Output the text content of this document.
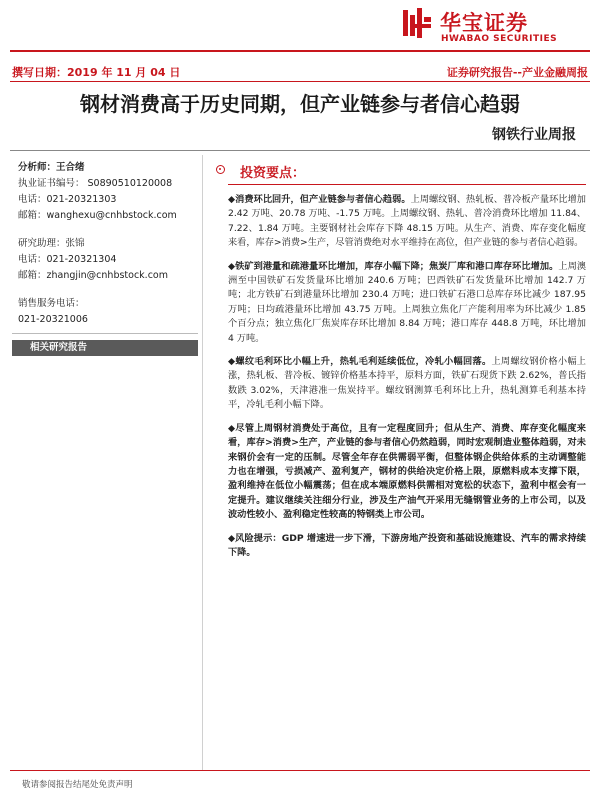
华宝证券
HWABAO SECURITIES
撰写日期：2019 年 11 月 04 日	证券研究报告--产业金融周报
钢材消费高于历史同期，但产业链参与者信心趋弱
钢铁行业周报
分析师：王合绪
执业证书编号： S0890510120008
电话：021-20321303
邮箱：wanghexu@cnhbstock.com
研究助理：张锦
电话：021-20321304
邮箱：zhangjin@cnhbstock.com
销售服务电话：
021-20321006
相关研究报告
投资要点：

◆消费环比回升，但产业链参与者信心趋弱。上周螺纹钢、热轧板、普冷板产量环比增加 2.42 万吨、20.78 万吨、-1.75 万吨。上周螺纹钢、热轧、普冷消费环比增加 11.84、7.22、1.84 万吨。主要钢材社会库存下降 48.15 万吨。从生产、消费、库存变化幅度来看，库存>消费>生产，尽管消费绝对水平维持在高位，但产业链的参与者信心趋弱。

◆铁矿到港量和疏港量环比增加，库存小幅下降；焦炭厂库和港口库存环比增加。上周澳洲至中国铁矿石发货量环比增加 240.6 万吨；巴西铁矿石发货量环比增加 142.7 万吨；北方铁矿石到港量环比增加 230.4 万吨；进口铁矿石港口总库存环比减少 187.95 万吨；日均疏港量环比增加 43.75 万吨。上周独立焦化厂产能利用率为环比减少 1.85 个百分点；独立焦化厂焦炭库存环比增加 8.84 万吨；港口库存 448.8 万吨，环比增加 4 万吨。

◆螺纹毛利环比小幅上升，热轧毛利延续低位，冷轧小幅回落。上周螺纹钢价格小幅上涨，热轧板、普冷板、镀锌价格基本持平，原料方面，铁矿石现货下跌 2.62%，普氏指数跌 3.02%，天津港准一焦炭持平。螺纹钢测算毛利环比上升，热轧测算毛利基本持平，冷轧毛利小幅下降。

◆尽管上周钢材消费处于高位，且有一定程度回升；但从生产、消费、库存变化幅度来看，库存>消费>生产，产业链的参与者信心仍然趋弱，同时宏观制造业整体趋弱，对未来钢价会有一定的压制。尽管全年存在供需弱平衡，但整体钢企供给体系的主动调整能力也在增强，亏损减产、盈利复产，钢材的供给决定价格上限，原燃料成本支撑下限，盈利维持在低位小幅震荡；但在成本端原燃料供需相对宽松的状态下，盈利中枢会有一定提升。建议继续关注细分行业，涉及生产油气开采用无缝钢管业务的上市公司，以及波动性较小、盈利稳定性较高的特钢类上市公司。

◆风险提示：GDP 增速进一步下滑，下游房地产投资和基础设施建设、汽车的需求持续下降。

敬请参阅报告结尾处免责声明
